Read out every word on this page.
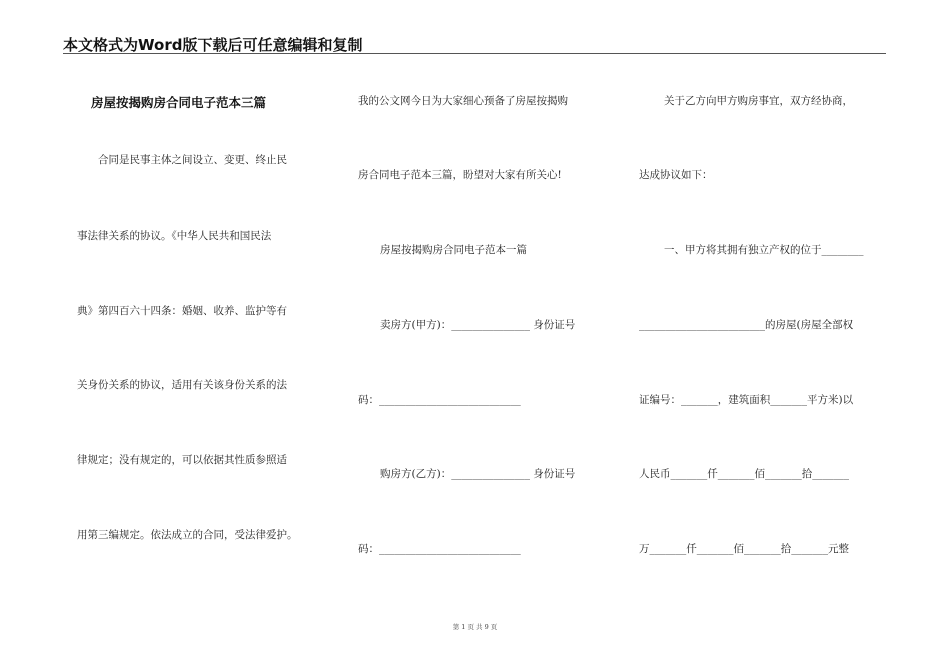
本文格式为Word版下载后可任意编辑和复制
房屋按揭购房合同电子范本三篇
合同是民事主体之间设立、变更、终止民
事法律关系的协议。《中华人民共和国民法
典》第四百六十四条：婚姻、收养、监护等有
关身份关系的协议，适用有关该身份关系的法
律规定；没有规定的，可以依据其性质参照适
用第三编规定。依法成立的合同，受法律爱护。
我的公文网今日为大家细心预备了房屋按揭购
房合同电子范本三篇，盼望对大家有所关心!
房屋按揭购房合同电子范本一篇
卖房方(甲方)：_______________ 身份证号
码：___________________________
购房方(乙方)：_______________ 身份证号
码：___________________________
关于乙方向甲方购房事宜，双方经协商，
达成协议如下：
一、甲方将其拥有独立产权的位于________
________________________的房屋(房屋全部权
证编号：_______，建筑面积_______平方米)以
人民币_______仟_______佰_______拾_______
万_______仟_______佰_______拾_______元整
第 1 页 共 9 页
